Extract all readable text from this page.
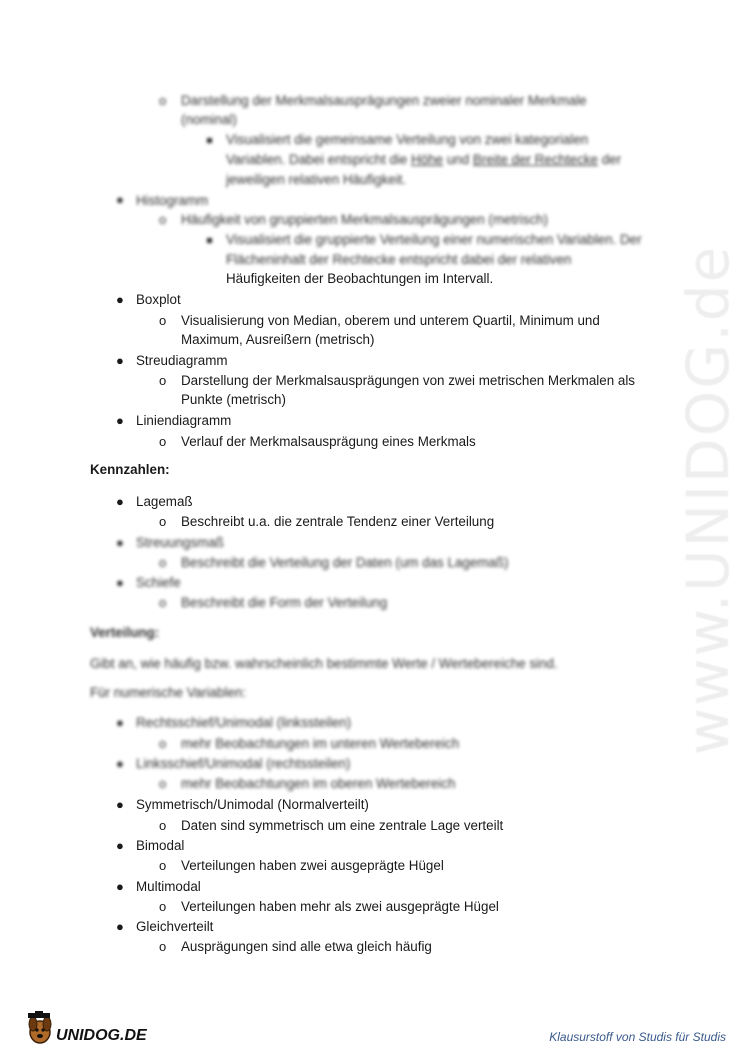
www.UNIDOG.de
o Darstellung der Merkmalsausprägungen zweier nominaler Merkmale
(nominal)
Visualisiert die gemeinsame Verteilung von zwei kategorialen
Variablen. Dabei entspricht die Höhe und Breite der Rechtecke der
jeweiligen relativen Häufigkeit.
● Histogramm
o Häufigkeit von gruppierten Merkmalsausprägungen (metrisch)
Visualisiert die gruppierte Verteilung einer numerischen Variablen. Der
Flächeninhalt der Rechtecke entspricht dabei der relativen
Häufigkeiten der Beobachtungen im Intervall.
● Boxplot
o Visualisierung von Median, oberem und unterem Quartil, Minimum und
Maximum, Ausreißern (metrisch)
● Streudiagramm
o Darstellung der Merkmalsausprägungen von zwei metrischen Merkmalen als
Punkte (metrisch)
● Liniendiagramm
o Verlauf der Merkmalsausprägung eines Merkmals
Kennzahlen:
● Lagemaß
o Beschreibt u.a. die zentrale Tendenz einer Verteilung
● Streuungsmaß
o Beschreibt die Verteilung der Daten (um das Lagemaß)
● Schiefe
o Beschreibt die Form der Verteilung
Verteilung:
Gibt an, wie häufig bzw. wahrscheinlich bestimmte Werte / Wertebereiche sind.
Für numerische Variablen:
● Rechtsschief/Unimodal (linkssteilen)
o mehr Beobachtungen im unteren Wertebereich
● Linksschief/Unimodal (rechtssteilen)
o mehr Beobachtungen im oberen Wertebereich
● Symmetrisch/Unimodal (Normalverteilt)
o Daten sind symmetrisch um eine zentrale Lage verteilt
● Bimodal
o Verteilungen haben zwei ausgeprägte Hügel
● Multimodal
o Verteilungen haben mehr als zwei ausgeprägte Hügel
● Gleichverteilt
o Ausprägungen sind alle etwa gleich häufig
UNIDOG.DE	Klausurstoff von Studis für Studis
